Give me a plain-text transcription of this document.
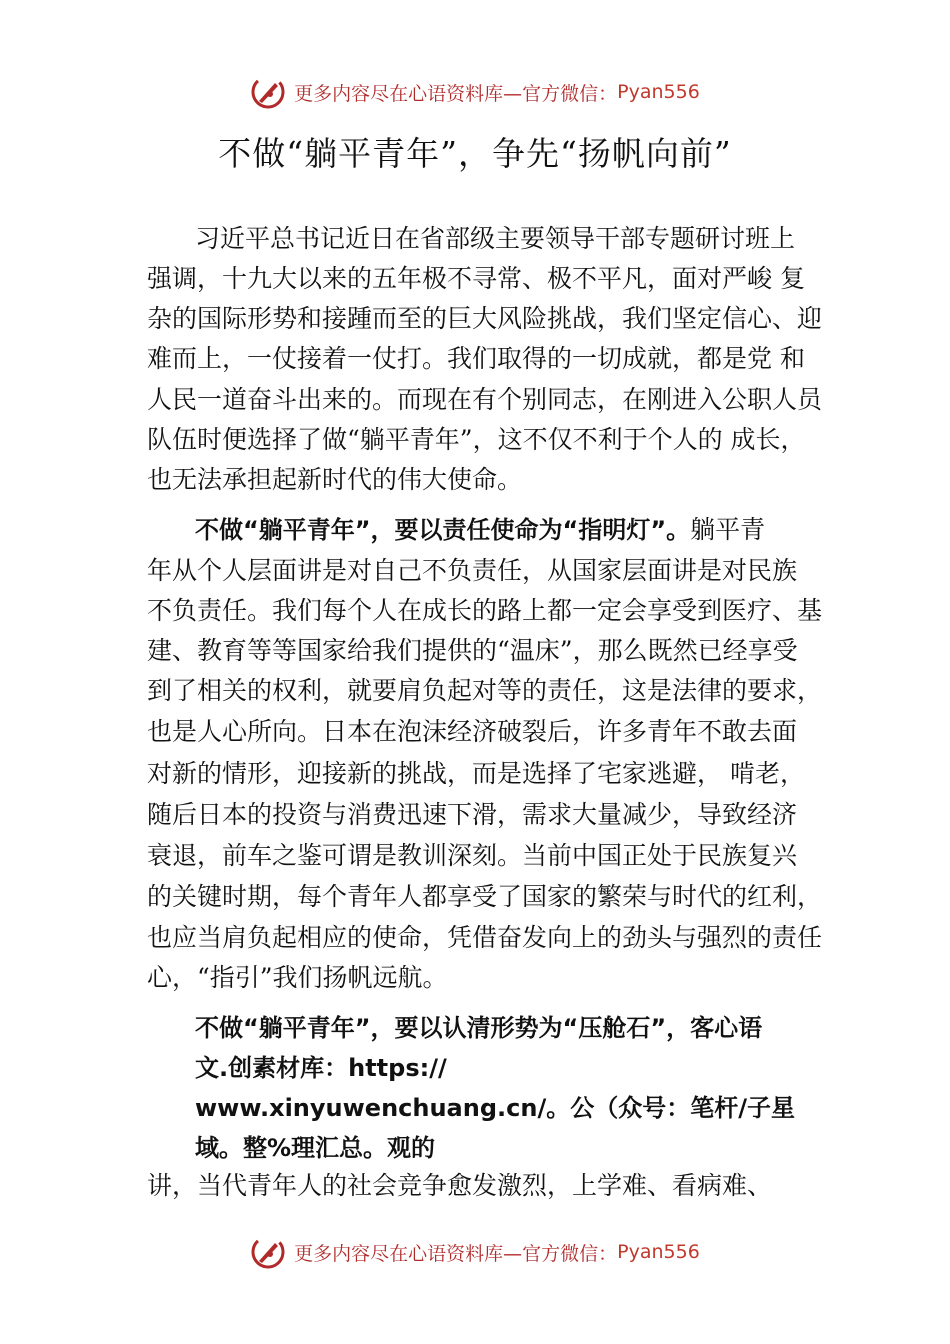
更多内容尽在心语资料库—官方微信： Pyan556
不做“躺平青年”，争先“扬帆向前”
习近平总书记近日在省部级主要领导干部专题研讨班上
强调，十九大以来的五年极不寻常、极不平凡，面对严峻 复
杂的国际形势和接踵而至的巨大风险挑战，我们坚定信心、迎
难而上，一仗接着一仗打。我们取得的一切成就，都是党 和
人民一道奋斗出来的。而现在有个别同志，在刚进入公职人员
队伍时便选择了做“躺平青年”，这不仅不利于个人的 成长，
也无法承担起新时代的伟大使命。
不做“躺平青年”，要以责任使命为“指明灯”。躺平青
年从个人层面讲是对自己不负责任，从国家层面讲是对民族
不负责任。我们每个人在成长的路上都一定会享受到医疗、基
建、教育等等国家给我们提供的“温床”，那么既然已经享受
到了相关的权利，就要肩负起对等的责任，这是法律的要求，
也是人心所向。日本在泡沫经济破裂后，许多青年不敢去面
对新的情形，迎接新的挑战，而是选择了宅家逃避， 啃老，
随后日本的投资与消费迅速下滑，需求大量减少，导致经济
衰退，前车之鉴可谓是教训深刻。当前中国正处于民族复兴
的关键时期，每个青年人都享受了国家的繁荣与时代的红利，
也应当肩负起相应的使命，凭借奋发向上的劲头与强烈的责任
心，“指引”我们扬帆远航。
不做“躺平青年”，要以认清形势为“压舱石”，客心语
文.创素材库：https://
www.xinyuwenchuang.cn/。公（众号：笔杆/子星
域。整%理汇总。观的
讲，当代青年人的社会竞争愈发激烈，上学难、看病难、
更多内容尽在心语资料库—官方微信： Pyan556
